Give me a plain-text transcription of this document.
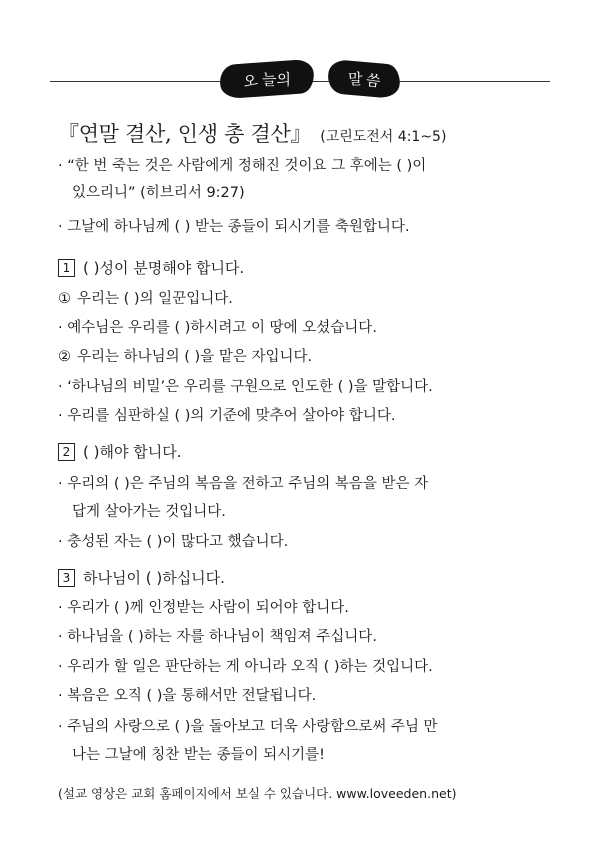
오 늘의	말 씀
『연말 결산, 인생 총 결산』 (고린도전서 4:1~5)
· “한 번 죽는 것은 사람에게 정해진 것이요 그 후에는 ( )이
있으리니” (히브리서 9:27)
· 그날에 하나님께 ( ) 받는 종들이 되시기를 축원합니다.
1 ( )성이 분명해야 합니다.
① 우리는 ( )의 일꾼입니다.
· 예수님은 우리를 ( )하시려고 이 땅에 오셨습니다.
② 우리는 하나님의 ( )을 맡은 자입니다.
· ‘하나님의 비밀’은 우리를 구원으로 인도한 ( )을 말합니다.
· 우리를 심판하실 ( )의 기준에 맞추어 살아야 합니다.
2 ( )해야 합니다.
· 우리의 ( )은 주님의 복음을 전하고 주님의 복음을 받은 자
답게 살아가는 것입니다.
· 충성된 자는 ( )이 많다고 했습니다.
3 하나님이 ( )하십니다.
· 우리가 ( )께 인정받는 사람이 되어야 합니다.
· 하나님을 ( )하는 자를 하나님이 책임져 주십니다.
· 우리가 할 일은 판단하는 게 아니라 오직 ( )하는 것입니다.
· 복음은 오직 ( )을 통해서만 전달됩니다.
· 주님의 사랑으로 ( )을 돌아보고 더욱 사랑함으로써 주님 만
나는 그날에 칭찬 받는 종들이 되시기를!
(설교 영상은 교회 홈페이지에서 보실 수 있습니다. www.loveeden.net)
